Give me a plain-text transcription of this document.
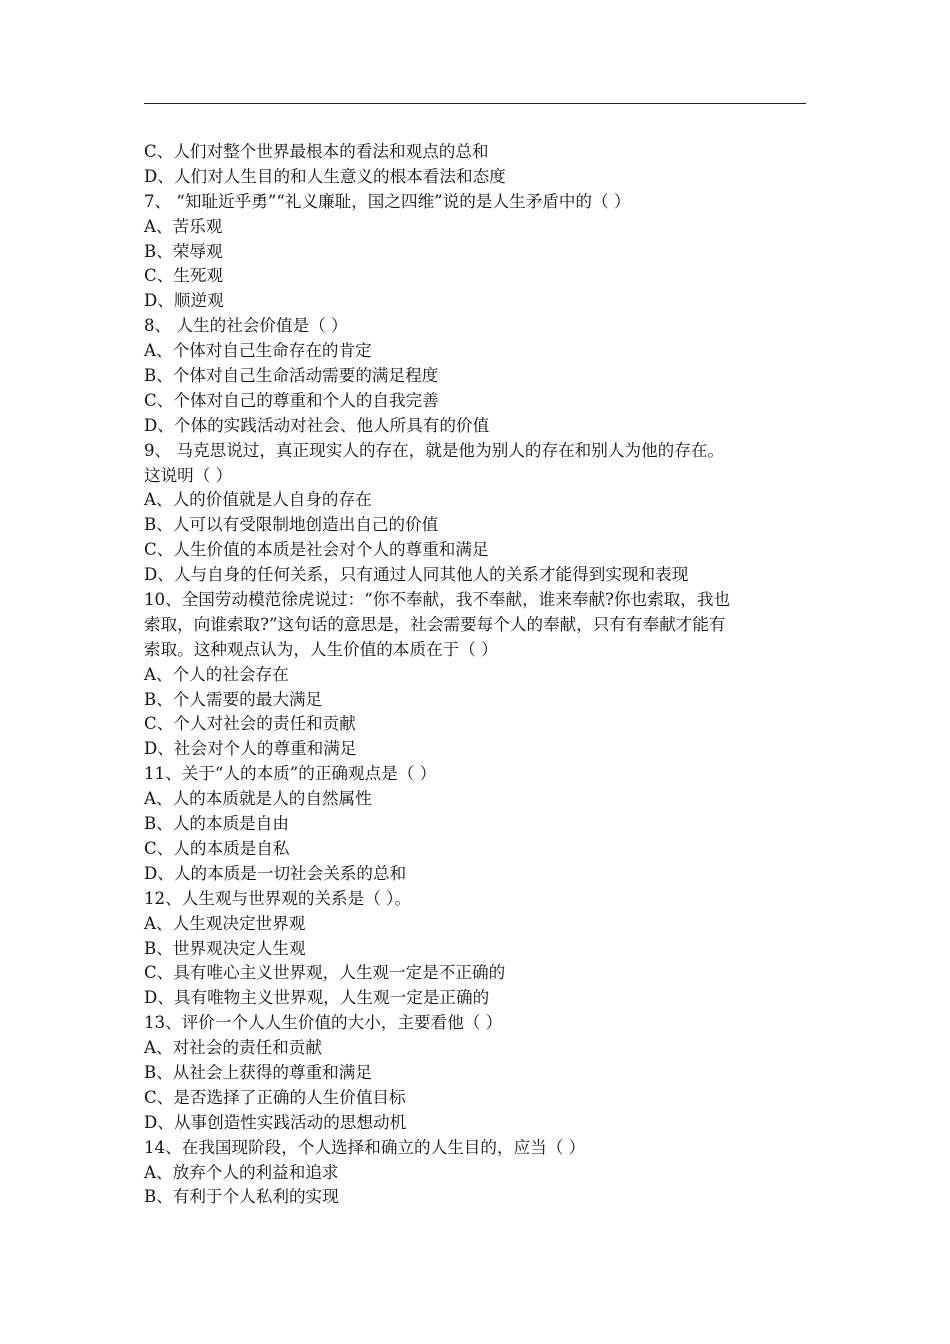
C、人们对整个世界最根本的看法和观点的总和
D、人们对人生目的和人生意义的根本看法和态度
7、 “知耻近乎勇”“礼义廉耻，国之四维”说的是人生矛盾中的（ ）
A、苦乐观
B、荣辱观
C、生死观
D、顺逆观
8、 人生的社会价值是（ ）
A、个体对自己生命存在的肯定
B、个体对自己生命活动需要的满足程度
C、个体对自己的尊重和个人的自我完善
D、个体的实践活动对社会、他人所具有的价值
9、 马克思说过，真正现实人的存在，就是他为别人的存在和别人为他的存在。
这说明（ ）
A、人的价值就是人自身的存在
B、人可以有受限制地创造出自己的价值
C、人生价值的本质是社会对个人的尊重和满足
D、人与自身的任何关系，只有通过人同其他人的关系才能得到实现和表现
10、全国劳动模范徐虎说过：“你不奉献，我不奉献，谁来奉献?你也索取，我也
索取，向谁索取?”这句话的意思是，社会需要每个人的奉献，只有有奉献才能有
索取。这种观点认为，人生价值的本质在于（ ）
A、个人的社会存在
B、个人需要的最大满足
C、个人对社会的责任和贡献
D、社会对个人的尊重和满足
11、关于“人的本质”的正确观点是（ ）
A、人的本质就是人的自然属性
B、人的本质是自由
C、人的本质是自私
D、人的本质是一切社会关系的总和
12、人生观与世界观的关系是（ ）。
A、人生观决定世界观
B、世界观决定人生观
C、具有唯心主义世界观，人生观一定是不正确的
D、具有唯物主义世界观，人生观一定是正确的
13、评价一个人人生价值的大小，主要看他（ ）
A、对社会的责任和贡献
B、从社会上获得的尊重和满足
C、是否选择了正确的人生价值目标
D、从事创造性实践活动的思想动机
14、在我国现阶段，个人选择和确立的人生目的，应当（ ）
A、放弃个人的利益和追求
B、有利于个人私利的实现
